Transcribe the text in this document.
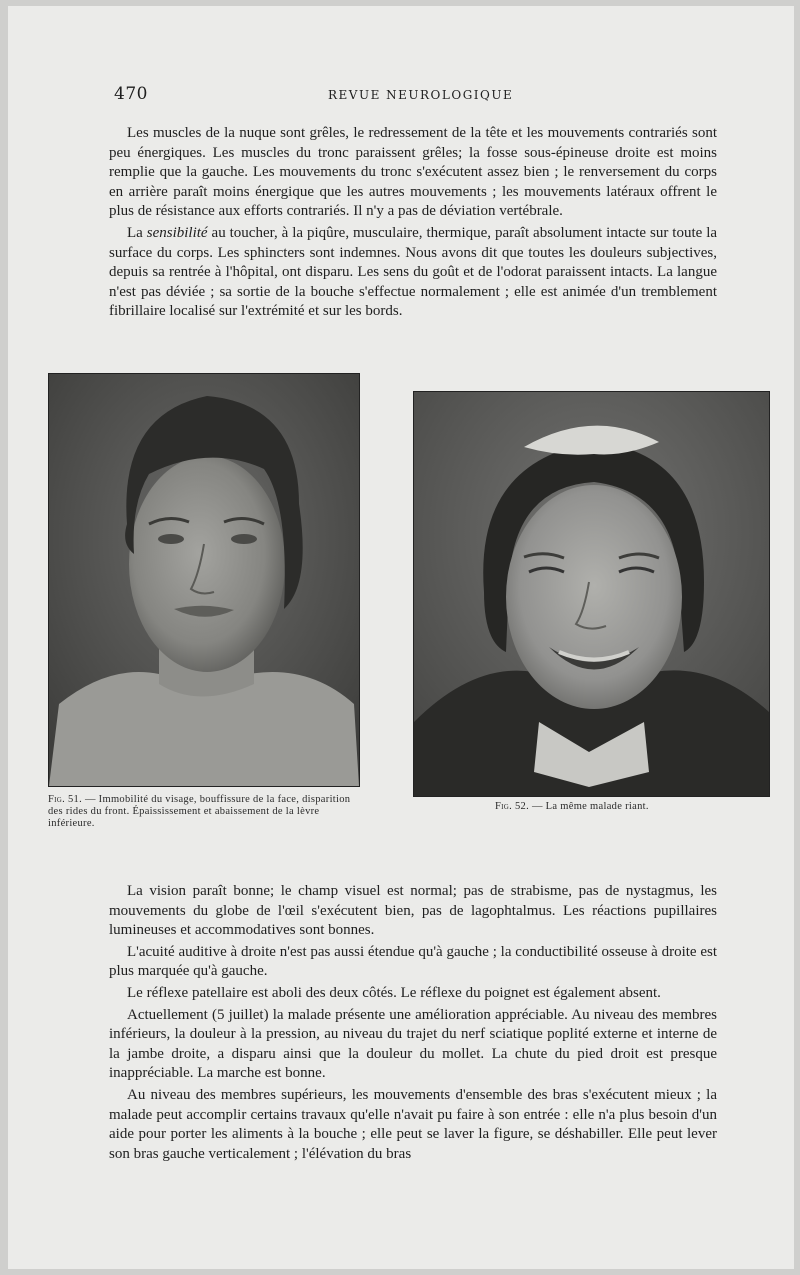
470	REVUE NEUROLOGIQUE

Les muscles de la nuque sont grêles, le redressement de la tête et les mouvements contrariés sont peu énergiques. Les muscles du tronc paraissent grêles; la fosse sous-épineuse droite est moins remplie que la gauche. Les mouvements du tronc s'exécutent assez bien ; le renversement du corps en arrière paraît moins énergique que les autres mouvements ; les mouvements latéraux offrent le plus de résistance aux efforts contrariés. Il n'y a pas de déviation vertébrale.

La sensibilité au toucher, à la piqûre, musculaire, thermique, paraît absolument intacte sur toute la surface du corps. Les sphincters sont indemnes. Nous avons dit que toutes les douleurs subjectives, depuis sa rentrée à l'hôpital, ont disparu. Les sens du goût et de l'odorat paraissent intacts. La langue n'est pas déviée ; sa sortie de la bouche s'effectue normalement ; elle est animée d'un tremblement fibrillaire localisé sur l'extrémité et sur les bords.

Fig. 51. — Immobilité du visage, bouffissure de la face, disparition des rides du front. Épaississement et abaissement de la lèvre inférieure.
Fig. 52. — La même malade riant.

La vision paraît bonne; le champ visuel est normal; pas de strabisme, pas de nystagmus, les mouvements du globe de l'œil s'exécutent bien, pas de lagophtalmus. Les réactions pupillaires lumineuses et accommodatives sont bonnes.

L'acuité auditive à droite n'est pas aussi étendue qu'à gauche ; la conductibilité osseuse à droite est plus marquée qu'à gauche.

Le réflexe patellaire est aboli des deux côtés. Le réflexe du poignet est également absent.

Actuellement (5 juillet) la malade présente une amélioration appréciable. Au niveau des membres inférieurs, la douleur à la pression, au niveau du trajet du nerf sciatique poplité externe et interne de la jambe droite, a disparu ainsi que la douleur du mollet. La chute du pied droit est presque inappréciable. La marche est bonne.

Au niveau des membres supérieurs, les mouvements d'ensemble des bras s'exécutent mieux ; la malade peut accomplir certains travaux qu'elle n'avait pu faire à son entrée : elle n'a plus besoin d'un aide pour porter les aliments à la bouche ; elle peut se laver la figure, se déshabiller. Elle peut lever son bras gauche verticalement ; l'élévation du bras
